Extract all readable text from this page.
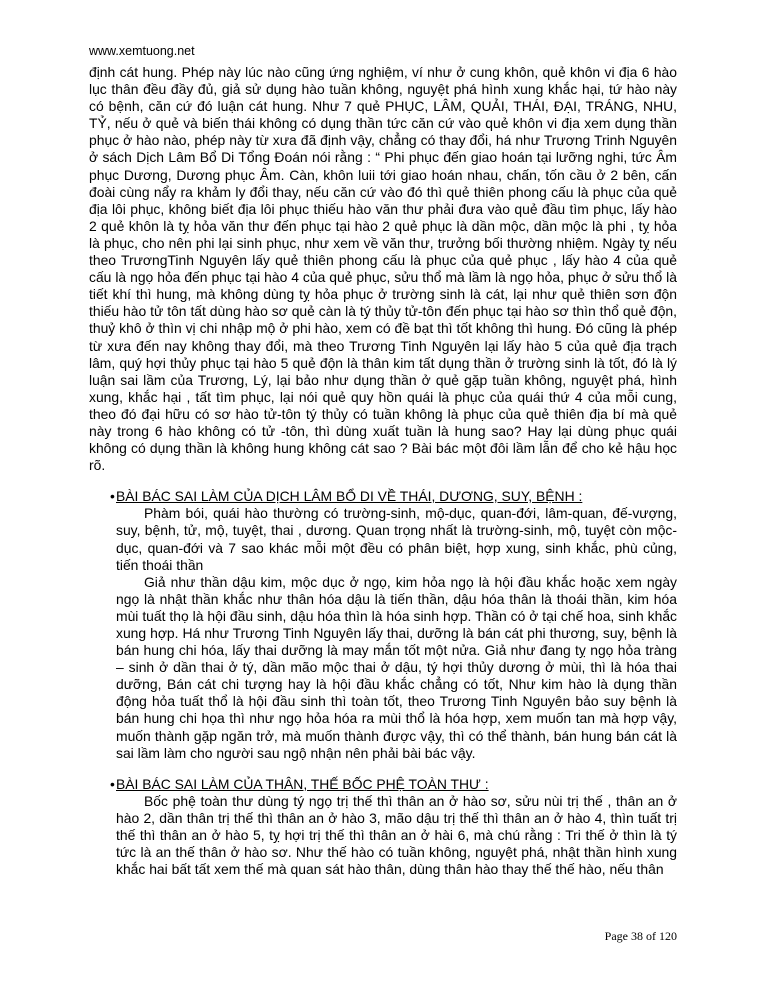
www.xemtuong.net

định cát hung. Phép này lúc nào cũng ứng nghiệm, ví như ở cung khôn, quẻ khôn vi địa 6 hào lục thân đều đầy đủ, giả sử dụng hào tuần không, nguyệt phá hình xung khắc hại, tứ hào này có bệnh, căn cứ đó luận cát hung. Như 7 quẻ PHỤC, LÂM, QUẢI, THÁI, ĐẠI, TRÁNG, NHU, TỶ, nếu ở quẻ và biến thái không có dụng thần tức căn cứ vào quẻ khôn vi địa xem dụng thần phục ở hào nào, phép này từ xưa đã định vậy, chẳng có thay đổi, há như Trương Trinh Nguyên ở sách Dịch Lâm Bổ Di Tổng Đoán nói rằng : “ Phi phục đến giao hoán tại lưỡng nghi, tức Âm phục Dương, Dương phục Âm. Càn, khôn luii tới giao hoán nhau, chấn, tốn cầu ở 2 bên, cấn đoài cùng nẩy ra khảm ly đổi thay, nếu căn cứ vào đó thì quẻ thiên phong cấu là phục của quẻ địa lôi phục, không biết địa lôi phục thiếu hào văn thư phải đưa vào quẻ đầu tìm phục, lấy hào 2 quẻ khôn là tỵ hỏa văn thư đến phục tại hào 2 quẻ phục là dần mộc, dần mộc là phi , tỵ hỏa là phục, cho nên phi lại sinh phục, như xem về văn thư, trưởng bối thường nhiệm. Ngày tỵ nếu theo TrươngTinh Nguyên lấy quẻ thiên phong cấu là phục của quẻ phục , lấy hào 4 của quẻ cấu là ngọ hỏa đến phục tại hào 4 của quẻ phục, sửu thổ mà lầm là ngọ hỏa, phục ở sửu thổ là tiết khí thì hung, mà không dùng tỵ hỏa phục ở trường sinh là cát, lại như quẻ thiên sơn độn thiếu hào tử tôn tất dùng hào sơ quẻ càn là tý thủy tử-tôn đến phục tại hào sơ thìn thổ quẻ độn, thuỷ khô ở thìn vị chi nhập mộ ở phi hào, xem có đề bạt thì tốt không thì hung. Đó cũng là phép từ xưa đến nay không thay đổi, mà theo Trương Tinh Nguyên lại lấy hào 5 của quẻ địa trạch lâm, quý hợi thủy phục tại hào 5 quẻ độn là thân kim tất dụng thần ở trường sinh là tốt, đó là lý luận sai lầm của Trương, Lý, lại bảo như dụng thần ở quẻ gặp tuần không, nguyệt phá, hình xung, khắc hại , tất tìm phục, lại nói quẻ quy hồn quái là phục của quái thứ 4 của mỗi cung, theo đó đại hữu có sơ hào tử-tôn tý thủy có tuần không là phục của quẻ thiên địa bí mà quẻ này trong 6 hào không có tử -tôn, thì dùng xuất tuần là hung sao? Hay lại dùng phục quái không có dụng thần là không hung không cát sao ? Bài bác một đôi lầm lẫn để cho kẻ hậu học rõ.

• BÀI BÁC SAI LÀM CỦA DỊCH LÂM BỔ DI VỀ THÁI, DƯƠNG, SUY, BỆNH :

Phàm bói, quái hào thường có trường-sinh, mộ-dục, quan-đới, lâm-quan, đế-vượng, suy, bệnh, tử, mộ, tuyệt, thai , dương. Quan trọng nhất là trường-sinh, mộ, tuyệt còn mộc-dục, quan-đới và 7 sao khác mỗi một đều có phân biệt, hợp xung, sinh khắc, phù củng, tiến thoái thần

Giả như thần dậu kim, mộc dục ở ngọ, kim hỏa ngọ là hội đầu khắc hoặc xem ngày ngọ là nhật thần khắc như thân hóa dậu là tiến thần, dậu hóa thân là thoái thần, kim hóa mùi tuất thọ là hội đầu sinh, dậu hóa thìn là hóa sinh hợp. Thần có ở tại chế hoa, sinh khắc xung hợp. Há như Trương Tinh Nguyên lấy thai, dưỡng là bán cát phi thương, suy, bệnh là bán hung chi hóa, lấy thai dưỡng là may mắn tốt một nửa. Giả như đang tỵ ngọ hỏa tràng – sinh ở dần thai ở tý, dần mão mộc thai ở dậu, tý hợi thủy dương ở mùi, thì là hóa thai dưỡng, Bán cát chi tượng hay là hội đầu khắc chẳng có tốt, Như kim hào là dụng thần động hỏa tuất thổ là hội đầu sinh thì toàn tốt, theo Trương Tinh Nguyên bảo suy bệnh là bán hung chi họa thì như ngọ hỏa hóa ra mùi thổ là hóa hợp, xem muốn tan mà hợp vậy, muốn thành gặp ngăn trở, mà muốn thành được vậy, thì có thể thành, bán hung bán cát là sai lầm làm cho người sau ngộ nhận nên phải bài bác vậy.

• BÀI BÁC SAI LÀM CỦA THÂN, THẾ BỐC PHỆ TOÀN THƯ :

Bốc phệ toàn thư dùng tý ngọ trị thế thì thân an ở hào sơ, sửu nùi trị thế , thân an ở hào 2, dần thân trị thế thì thân an ở hào 3, mão dậu trị thế thì thân an ở hào 4, thìn tuất trị thế thì thân an ở hào 5, tỵ hợi trị thế thì thân an ở hài 6, mà chú rằng : Tri thế ở thìn là tý tức là an thế thân ở hào sơ. Như thế hào có tuần không, nguyệt phá, nhật thần hình xung khắc hai bất tất xem thế mà quan sát hào thân, dùng thân hào thay thế thế hào, nếu thân

Page 38 of 120
